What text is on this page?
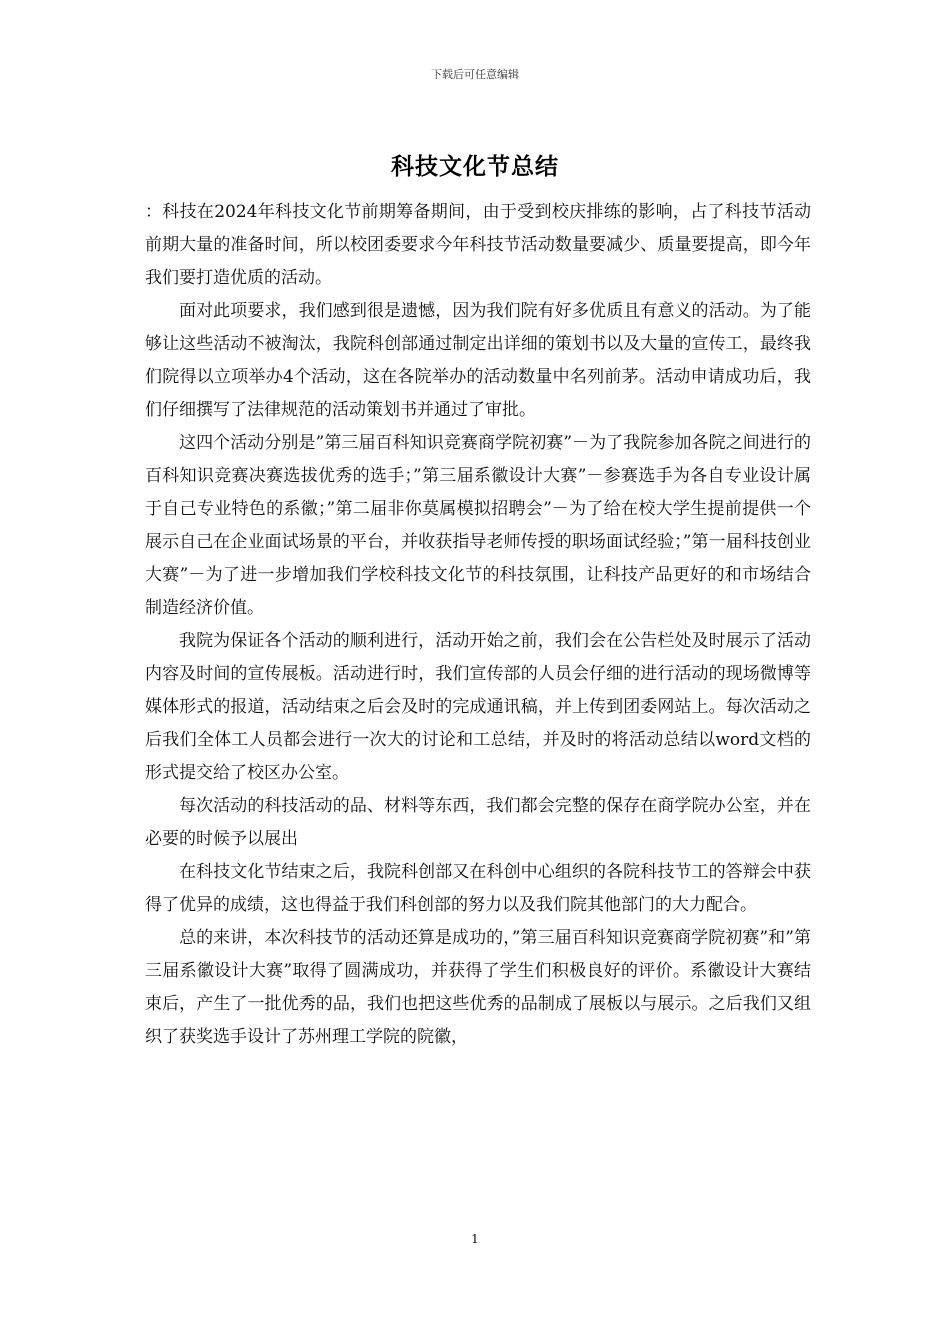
下载后可任意编辑
科技文化节总结

：科技在2024年科技文化节前期筹备期间，由于受到校庆排练的影响，占了科技节活动前期大量的准备时间，所以校团委要求今年科技节活动数量要减少、质量要提高，即今年我们要打造优质的活动。

面对此项要求，我们感到很是遗憾，因为我们院有好多优质且有意义的活动。为了能够让这些活动不被淘汰，我院科创部通过制定出详细的策划书以及大量的宣传工，最终我们院得以立项举办4个活动，这在各院举办的活动数量中名列前茅。活动申请成功后，我们仔细撰写了法律规范的活动策划书并通过了审批。

这四个活动分别是”第三届百科知识竞赛商学院初赛”－为了我院参加各院之间进行的百科知识竞赛决赛选拔优秀的选手；”第三届系徽设计大赛”－参赛选手为各自专业设计属于自己专业特色的系徽；”第二届非你莫属模拟招聘会”－为了给在校大学生提前提供一个展示自己在企业面试场景的平台，并收获指导老师传授的职场面试经验；”第一届科技创业大赛”－为了进一步增加我们学校科技文化节的科技氛围，让科技产品更好的和市场结合制造经济价值。

我院为保证各个活动的顺利进行，活动开始之前，我们会在公告栏处及时展示了活动内容及时间的宣传展板。活动进行时，我们宣传部的人员会仔细的进行活动的现场微博等媒体形式的报道，活动结束之后会及时的完成通讯稿，并上传到团委网站上。每次活动之后我们全体工人员都会进行一次大的讨论和工总结，并及时的将活动总结以word文档的形式提交给了校区办公室。

每次活动的科技活动的品、材料等东西，我们都会完整的保存在商学院办公室，并在必要的时候予以展出

在科技文化节结束之后，我院科创部又在科创中心组织的各院科技节工的答辩会中获得了优异的成绩，这也得益于我们科创部的努力以及我们院其他部门的大力配合。

总的来讲，本次科技节的活动还算是成功的，”第三届百科知识竞赛商学院初赛”和”第三届系徽设计大赛”取得了圆满成功，并获得了学生们积极良好的评价。系徽设计大赛结束后，产生了一批优秀的品，我们也把这些优秀的品制成了展板以与展示。之后我们又组织了获奖选手设计了苏州理工学院的院徽，

1
